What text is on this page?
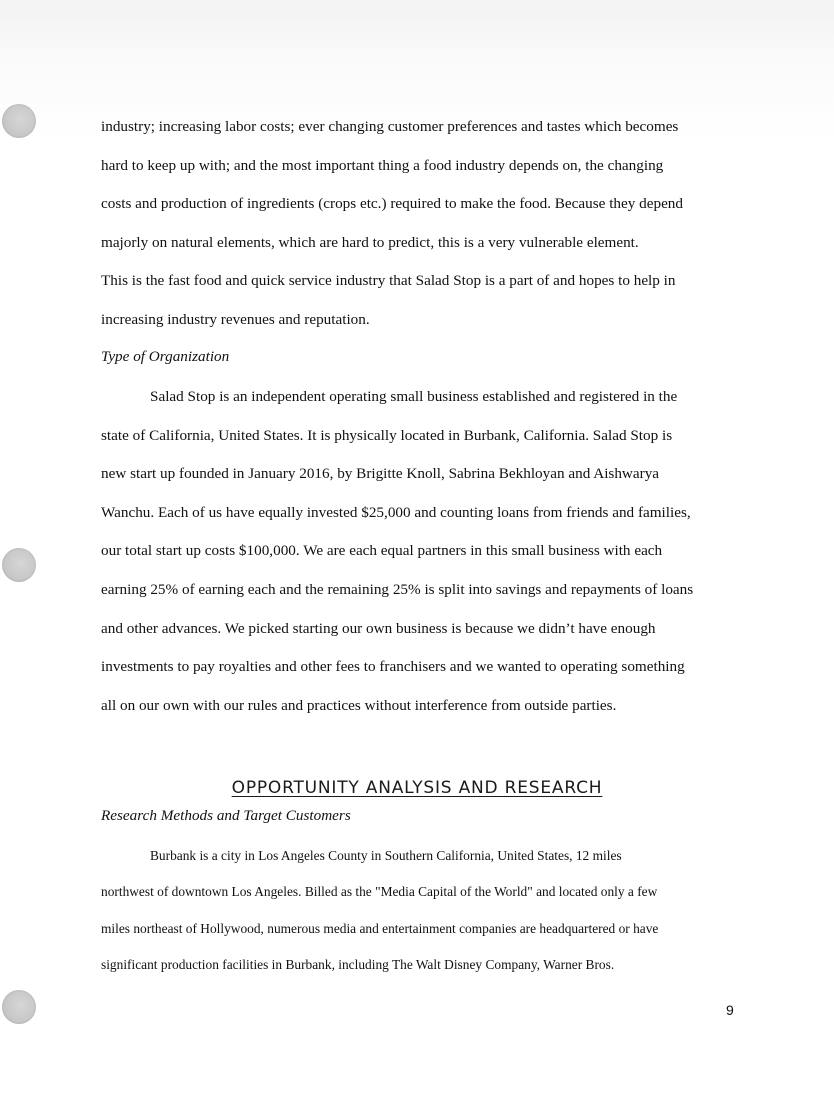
industry; increasing labor costs; ever changing customer preferences and tastes which becomes
hard to keep up with; and the most important thing a food industry depends on, the changing
costs and production of ingredients (crops etc.) required to make the food. Because they depend
majorly on natural elements, which are hard to predict, this is a very vulnerable element.
This is the fast food and quick service industry that Salad Stop is a part of and hopes to help in
increasing industry revenues and reputation.
Type of Organization
Salad Stop is an independent operating small business established and registered in the
state of California, United States. It is physically located in Burbank, California. Salad Stop is
new start up founded in January 2016, by Brigitte Knoll, Sabrina Bekhloyan and Aishwarya
Wanchu. Each of us have equally invested $25,000 and counting loans from friends and families,
our total start up costs $100,000. We are each equal partners in this small business with each
earning 25% of earning each and the remaining 25% is split into savings and repayments of loans
and other advances. We picked starting our own business is because we didn’t have enough
investments to pay royalties and other fees to franchisers and we wanted to operating something
all on our own with our rules and practices without interference from outside parties.
OPPORTUNITY ANALYSIS AND RESEARCH
Research Methods and Target Customers
Burbank is a city in Los Angeles County in Southern California, United States, 12 miles
northwest of downtown Los Angeles. Billed as the "Media Capital of the World" and located only a few
miles northeast of Hollywood, numerous media and entertainment companies are headquartered or have
significant production facilities in Burbank, including The Walt Disney Company, Warner Bros.
9
